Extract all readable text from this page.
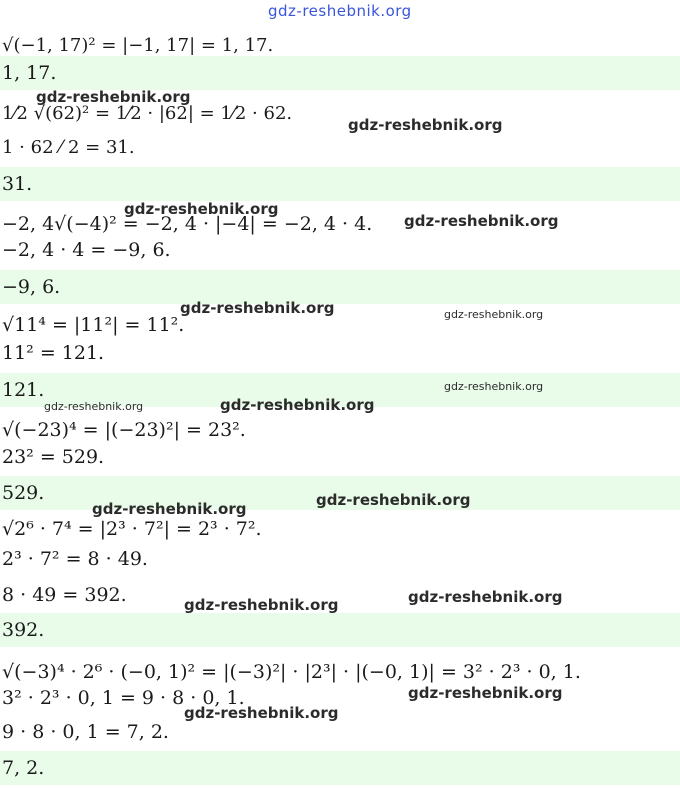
gdz-reshebnik.org
√(−1, 17)² = |−1, 17| = 1, 17.
1, 17.
1⁄2 √(62)² = 1⁄2 · |62| = 1⁄2 · 62.
1 · 62 ⁄ 2 = 31.
31.
−2, 4√(−4)² = −2, 4 · |−4| = −2, 4 · 4.
−2, 4 · 4 = −9, 6.
−9, 6.
√11⁴ = |11²| = 11².
11² = 121.
121.
√(−23)⁴ = |(−23)²| = 23².
23² = 529.
529.
√2⁶ · 7⁴ = |2³ · 7²| = 2³ · 7².
2³ · 7² = 8 · 49.
8 · 49 = 392.
392.
√(−3)⁴ · 2⁶ · (−0, 1)² = |(−3)²| · |2³| · |(−0, 1)| = 3² · 2³ · 0, 1.
3² · 2³ · 0, 1 = 9 · 8 · 0, 1.
9 · 8 · 0, 1 = 7, 2.
7, 2.
gdz-reshebnik.org
gdz-reshebnik.org
gdz-reshebnik.org
gdz-reshebnik.org
gdz-reshebnik.org	gdz-reshebnik.org
gdz-reshebnik.org
gdz-reshebnik.org	gdz-reshebnik.org
gdz-reshebnik.org
gdz-reshebnik.org
gdz-reshebnik.org
gdz-reshebnik.org
gdz-reshebnik.org
gdz-reshebnik.org
